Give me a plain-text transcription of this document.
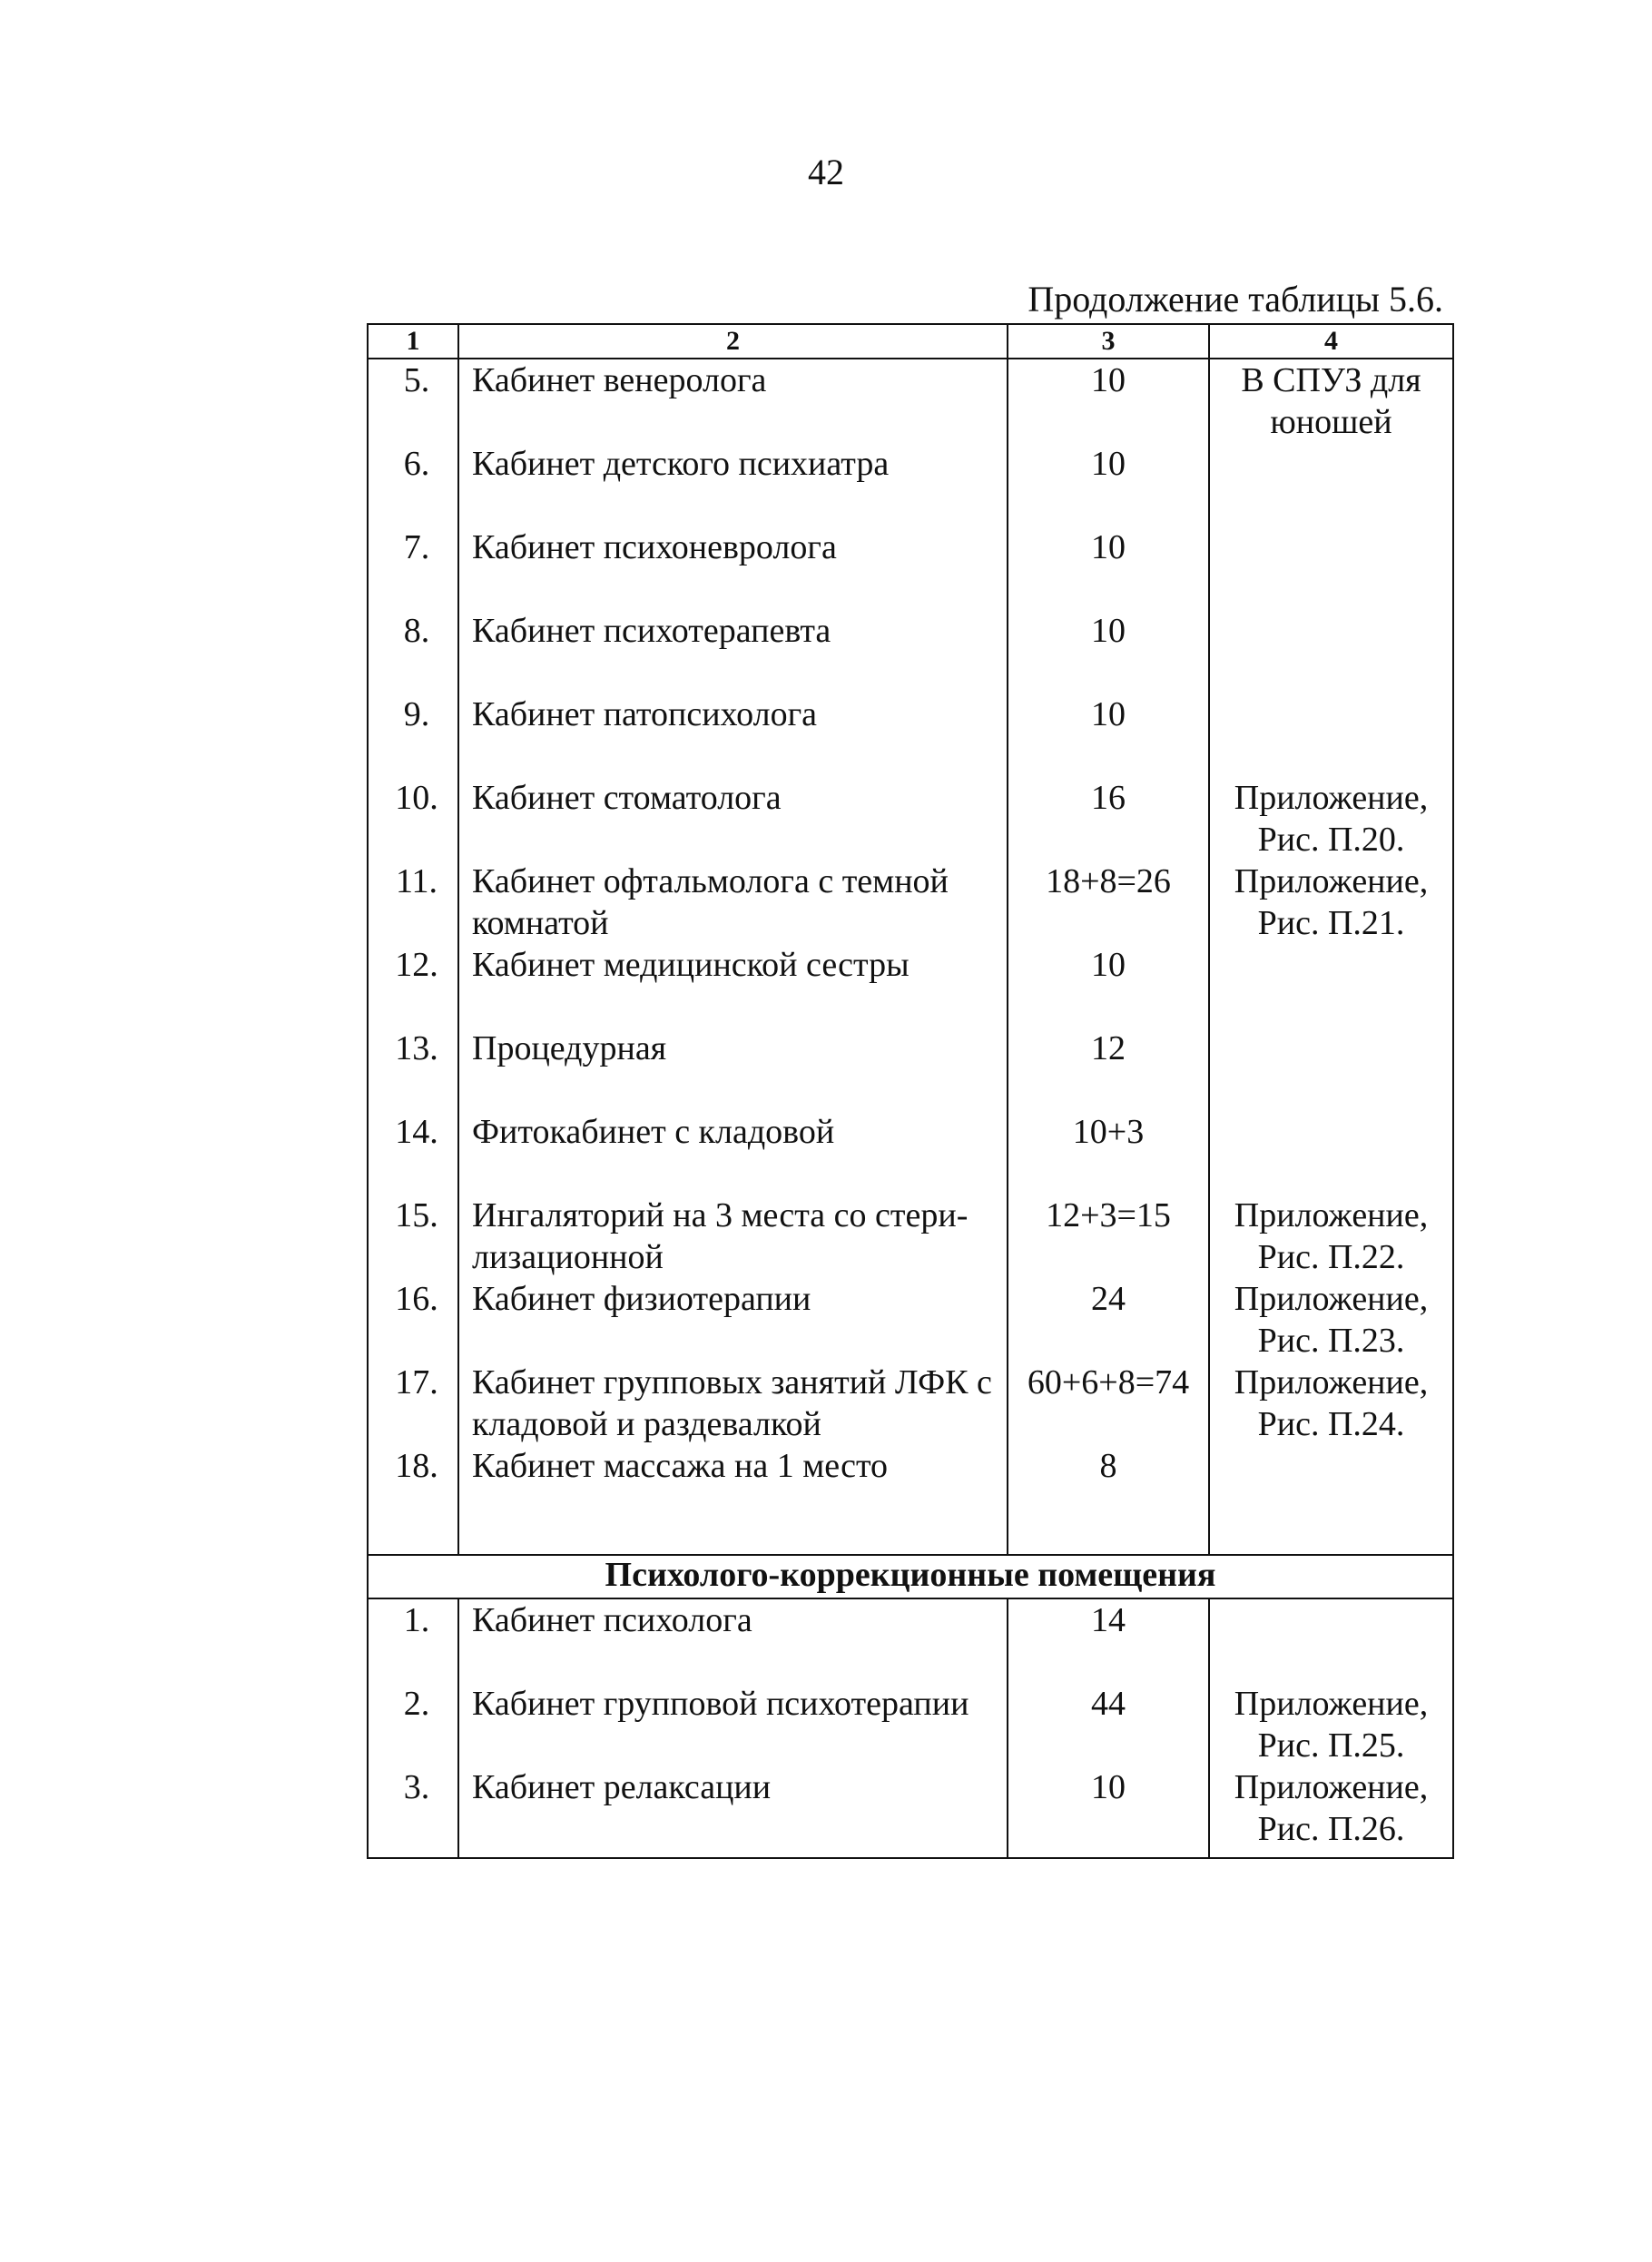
42
Продолжение таблицы 5.6.
1	2	3	4
5.	Кабинет венеролога	10	В СПУЗ для юношей
6.	Кабинет детского психиатра	10	
7.	Кабинет психоневролога	10	
8.	Кабинет психотерапевта	10	
9.	Кабинет патопсихолога	10	
10.	Кабинет стоматолога	16	Приложение, Рис. П.20.
11.	Кабинет офтальмолога с темной комнатой	18+8=26	Приложение, Рис. П.21.
12.	Кабинет медицинской сестры	10	
13.	Процедурная	12	
14.	Фитокабинет с кладовой	10+3	
15.	Ингаляторий на 3 места со стери-лизационной	12+3=15	Приложение, Рис. П.22.
16.	Кабинет физиотерапии	24	Приложение, Рис. П.23.
17.	Кабинет групповых занятий ЛФК с кладовой и раздевалкой	60+6+8=74	Приложение, Рис. П.24.
18.	Кабинет массажа на 1 место	8	
Психолого-коррекционные помещения			
1.	Кабинет психолога	14	
2.	Кабинет групповой психотерапии	44	Приложение, Рис. П.25.
3.	Кабинет релаксации	10	Приложение, Рис. П.26.
